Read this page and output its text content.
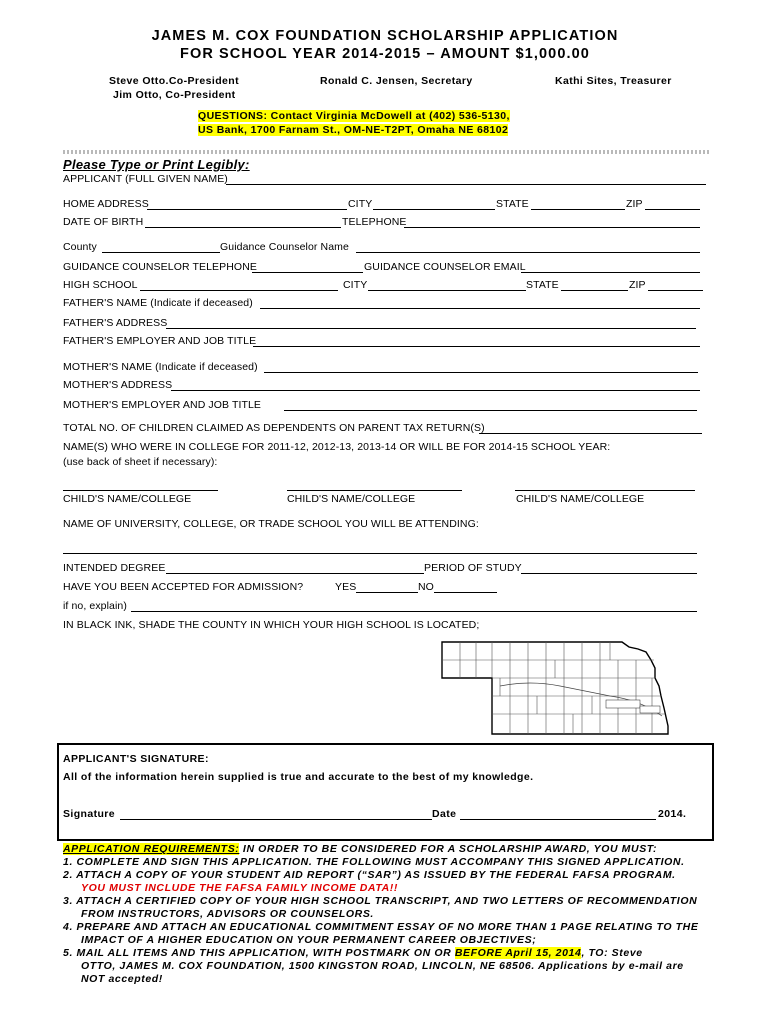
JAMES M. COX FOUNDATION SCHOLARSHIP APPLICATION
FOR SCHOOL YEAR 2014-2015 – AMOUNT $1,000.00
Steve Otto.Co-President
Jim Otto, Co-President
Ronald C. Jensen, Secretary	Kathi Sites, Treasurer
QUESTIONS: Contact Virginia McDowell at (402) 536-5130,
US Bank, 1700 Farnam St., OM-NE-T2PT, Omaha NE 68102
Please Type or Print Legibly:
APPLICANT (FULL GIVEN NAME)
HOME ADDRESS	CITY	STATE	ZIP
DATE OF BIRTH	TELEPHONE
County	Guidance Counselor Name
GUIDANCE COUNSELOR TELEPHONE	GUIDANCE COUNSELOR EMAIL
HIGH SCHOOL	CITY	STATE	ZIP
FATHER'S NAME (Indicate if deceased)
FATHER'S ADDRESS
FATHER'S EMPLOYER AND JOB TITLE
MOTHER'S NAME (Indicate if deceased)
MOTHER'S ADDRESS
MOTHER'S EMPLOYER AND JOB TITLE
TOTAL NO. OF CHILDREN CLAIMED AS DEPENDENTS ON PARENT TAX RETURN(S)
NAME(S) WHO WERE IN COLLEGE FOR 2011-12, 2012-13, 2013-14 OR WILL BE FOR 2014-15 SCHOOL YEAR:
(use back of sheet if necessary):
CHILD'S NAME/COLLEGE	CHILD'S NAME/COLLEGE	CHILD'S NAME/COLLEGE
NAME OF UNIVERSITY, COLLEGE, OR TRADE SCHOOL YOU WILL BE ATTENDING:
INTENDED DEGREE	PERIOD OF STUDY
HAVE YOU BEEN ACCEPTED FOR ADMISSION?	YES	NO
if no, explain)
IN BLACK INK, SHADE THE COUNTY IN WHICH YOUR HIGH SCHOOL IS LOCATED;
APPLICANT'S SIGNATURE:
All of the information herein supplied is true and accurate to the best of my knowledge.
Signature	Date	2014.
APPLICATION REQUIREMENTS: IN ORDER TO BE CONSIDERED FOR A SCHOLARSHIP AWARD, YOU MUST:
1. COMPLETE AND SIGN THIS APPLICATION. THE FOLLOWING MUST ACCOMPANY THIS SIGNED APPLICATION.
2. ATTACH A COPY OF YOUR STUDENT AID REPORT (“SAR”) AS ISSUED BY THE FEDERAL FAFSA PROGRAM.
YOU MUST INCLUDE THE FAFSA FAMILY INCOME DATA!!
3. ATTACH A CERTIFIED COPY OF YOUR HIGH SCHOOL TRANSCRIPT, AND TWO LETTERS OF RECOMMENDATION
FROM INSTRUCTORS, ADVISORS OR COUNSELORS.
4. PREPARE AND ATTACH AN EDUCATIONAL COMMITMENT ESSAY OF NO MORE THAN 1 PAGE RELATING TO THE
IMPACT OF A HIGHER EDUCATION ON YOUR PERMANENT CAREER OBJECTIVES;
5. MAIL ALL ITEMS AND THIS APPLICATION, WITH POSTMARK ON OR BEFORE April 15, 2014, TO: Steve
OTTO, JAMES M. COX FOUNDATION, 1500 KINGSTON ROAD, LINCOLN, NE 68506. Applications by e-mail are
NOT accepted!
